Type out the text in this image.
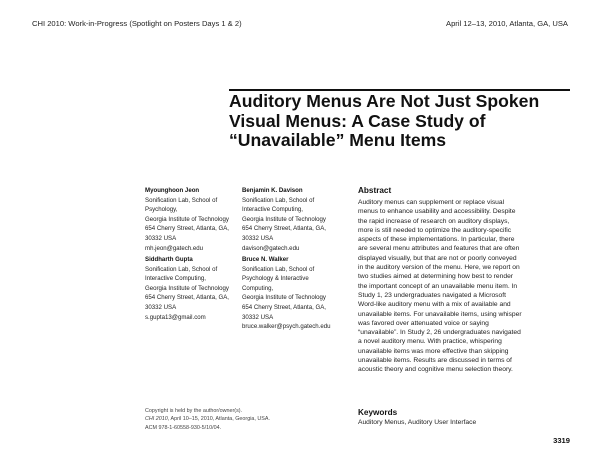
CHI 2010: Work-in-Progress (Spotlight on Posters Days 1 & 2)	April 12–13, 2010, Atlanta, GA, USA
Auditory Menus Are Not Just Spoken
Visual Menus: A Case Study of
“Unavailable” Menu Items
Myounghoon Jeon
Sonification Lab, School of
Psychology,
Georgia Institute of Technology
654 Cherry Street, Atlanta, GA,
30332 USA
mh.jeon@gatech.edu
Benjamin K. Davison
Sonification Lab, School of
Interactive Computing,
Georgia Institute of Technology
654 Cherry Street, Atlanta, GA,
30332 USA
davison@gatech.edu
Siddharth Gupta
Sonification Lab, School of
Interactive Computing,
Georgia Institute of Technology
654 Cherry Street, Atlanta, GA,
30332 USA
s.gupta13@gmail.com
Bruce N. Walker
Sonification Lab, School of
Psychology & Interactive
Computing,
Georgia Institute of Technology
654 Cherry Street, Atlanta, GA,
30332 USA
bruce.walker@psych.gatech.edu
Copyright is held by the author/owner(s).
CHI 2010, April 10–15, 2010, Atlanta, Georgia, USA.
ACM 978-1-60558-930-5/10/04.
Abstract
Auditory menus can supplement or replace visual
menus to enhance usability and accessibility. Despite
the rapid increase of research on auditory displays,
more is still needed to optimize the auditory-specific
aspects of these implementations. In particular, there
are several menu attributes and features that are often
displayed visually, but that are not or poorly conveyed
in the auditory version of the menu. Here, we report on
two studies aimed at determining how best to render
the important concept of an unavailable menu item. In
Study 1, 23 undergraduates navigated a Microsoft
Word-like auditory menu with a mix of available and
unavailable items. For unavailable items, using whisper
was favored over attenuated voice or saying
“unavailable”. In Study 2, 26 undergraduates navigated
a novel auditory menu. With practice, whispering
unavailable items was more effective than skipping
unavailable items. Results are discussed in terms of
acoustic theory and cognitive menu selection theory.
Keywords
Auditory Menus, Auditory User Interface
3319
